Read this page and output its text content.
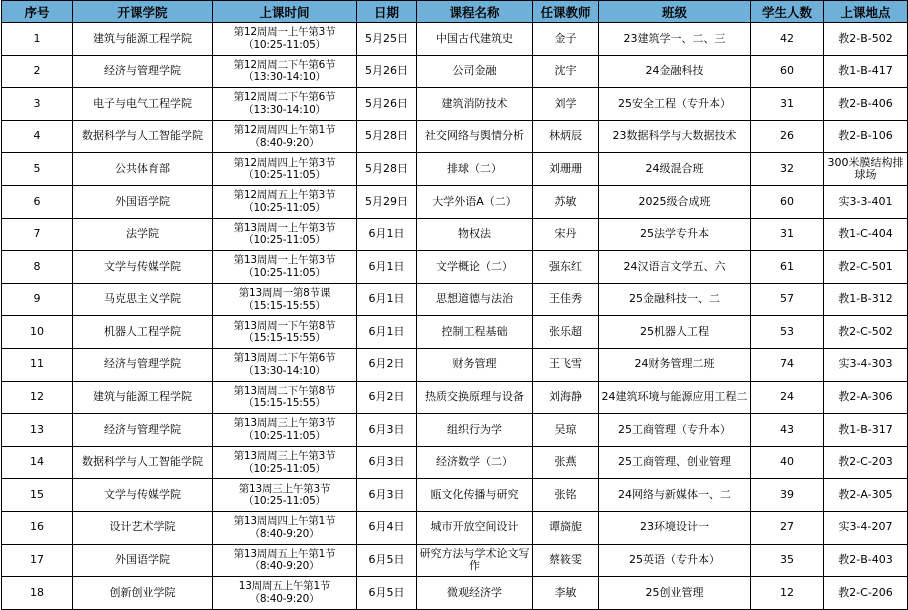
序号	开课学院	上课时间	日期	课程名称	任课教师	班级	学生人数	上课地点
1	建筑与能源工程学院	第12周周一上午第3节
（10:25-11:05）	5月25日	中国古代建筑史	金子	23建筑学一、二、三	42	教2-B-502
2	经济与管理学院	第12周周二下午第6节
（13:30-14:10）	5月26日	公司金融	沈宇	24金融科技	60	教1-B-417
3	电子与电气工程学院	第12周周二下午第6节
（13:30-14:10）	5月26日	建筑消防技术	刘学	25安全工程（专升本）	31	教2-B-406
4	数据科学与人工智能学院	第12周周四上午第1节
（8:40-9:20）	5月28日	社交网络与舆情分析	林炳辰	23数据科学与大数据技术	26	教2-B-106
5	公共体育部	第12周周四上午第3节
（10:25-11:05）	5月28日	排球（二）	刘珊珊	24级混合班	32	300米膜结构排球场
6	外国语学院	第12周周五上午第3节
（10:25-11:05）	5月29日	大学外语A（二）	苏敏	2025级合成班	60	实3-3-401
7	法学院	第13周周一上午第3节
（10:25-11:05）	6月1日	物权法	宋丹	25法学专升本	31	教1-C-404
8	文学与传媒学院	第13周周一上午第3节
（10:25-11:05）	6月1日	文学概论（二）	强东红	24汉语言文学五、六	61	教2-C-501
9	马克思主义学院	第13周周一第8节课
（15:15-15:55）	6月1日	思想道德与法治	王佳秀	25金融科技一、二	57	教1-B-312
10	机器人工程学院	第13周周一下午第8节
（15:15-15:55）	6月1日	控制工程基础	张乐超	25机器人工程	53	教2-C-502
11	经济与管理学院	第13周周二下午第6节
（13:30-14:10）	6月2日	财务管理	王飞雪	24财务管理二班	74	实3-4-303
12	建筑与能源工程学院	第13周周二下午第8节
（15:15-15:55）	6月2日	热质交换原理与设备	刘海静	24建筑环境与能源应用工程二	24	教2-A-306
13	经济与管理学院	第13周周三上午第3节
（10:25-11:05）	6月3日	组织行为学	吴琼	25工商管理（专升本）	43	教1-B-317
14	数据科学与人工智能学院	第13周周三上午第3节
（10:25-11:05）	6月3日	经济数学（二）	张燕	25工商管理、创业管理	40	教2-C-203
15	文学与传媒学院	第13周三上午第3节
（10:25-11:05）	6月3日	瓯文化传播与研究	张铭	24网络与新媒体一、二	39	教2-A-305
16	设计艺术学院	第13周周四上午第1节
（8:40-9:20）	6月4日	城市开放空间设计	谭旖旎	23环境设计一	27	实3-4-207
17	外国语学院	第13周周五上午第1节
（8:40-9:20）	6月5日	研究方法与学术论文写作	蔡筱雯	25英语（专升本）	35	教2-B-403
18	创新创业学院	13周周五上午第1节
（8:40-9:20）	6月5日	微观经济学	李敏	25创业管理	12	教2-C-206
